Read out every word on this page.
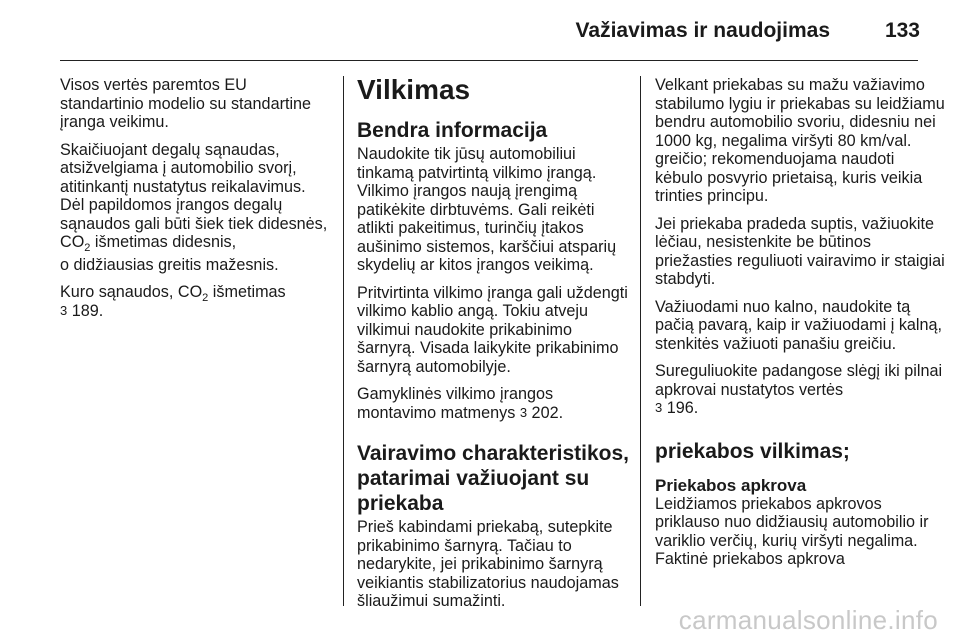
Važiavimas ir naudojimas	133

Visos vertės paremtos EU standartinio modelio su standartine įranga veikimu.

Skaičiuojant degalų sąnaudas, atsižvelgiama į automobilio svorį, atitinkantį nustatytus reikalavimus. Dėl papildomos įrangos degalų sąnaudos gali būti šiek tiek didesnės, $CO_2$ išmetimas didesnis,

o didžiausias greitis mažesnis.

Kuro sąnaudos, $CO_2$ išmetimas
3 189.

Vilkimas
Bendra informacija

Naudokite tik jūsų automobiliui tinkamą patvirtintą vilkimo įrangą. Vilkimo įrangos naują įrengimą patikėkite dirbtuvėms. Gali reikėti atlikti pakeitimus, turinčių įtakos aušinimo sistemos, karščiui atsparių skydelių ar kitos įrangos veikimą.

Pritvirtinta vilkimo įranga gali uždengti vilkimo kablio angą. Tokiu atveju vilkimui naudokite prikabinimo šarnyrą. Visada laikykite prikabinimo šarnyrą automobilyje.

Gamyklinės vilkimo įrangos montavimo matmenys 3 202.

Vairavimo charakteristikos, patarimai važiuojant su priekaba

Prieš kabindami priekabą, sutepkite prikabinimo šarnyrą. Tačiau to nedarykite, jei prikabinimo šarnyrą veikiantis stabilizatorius naudojamas šliaužimui sumažinti.

Velkant priekabas su mažu važiavimo stabilumo lygiu ir priekabas su leidžiamu bendru automobilio svoriu, didesniu nei 1000 kg, negalima viršyti 80 km/val. greičio; rekomenduojama naudoti kėbulo posvyrio prietaisą, kuris veikia trinties principu.

Jei priekaba pradeda suptis, važiuokite lėčiau, nesistenkite be būtinos priežasties reguliuoti vairavimo ir staigiai stabdyti.

Važiuodami nuo kalno, naudokite tą pačią pavarą, kaip ir važiuodami į kalną, stenkitės važiuoti panašiu greičiu.

Sureguliuokite padangose slėgį iki pilnai apkrovai nustatytos vertės
3 196.

priekabos vilkimas;
Priekabos apkrova

Leidžiamos priekabos apkrovos priklauso nuo didžiausių automobilio ir variklio verčių, kurių viršyti negalima. Faktinė priekabos apkrova

carmanualsonline.info
